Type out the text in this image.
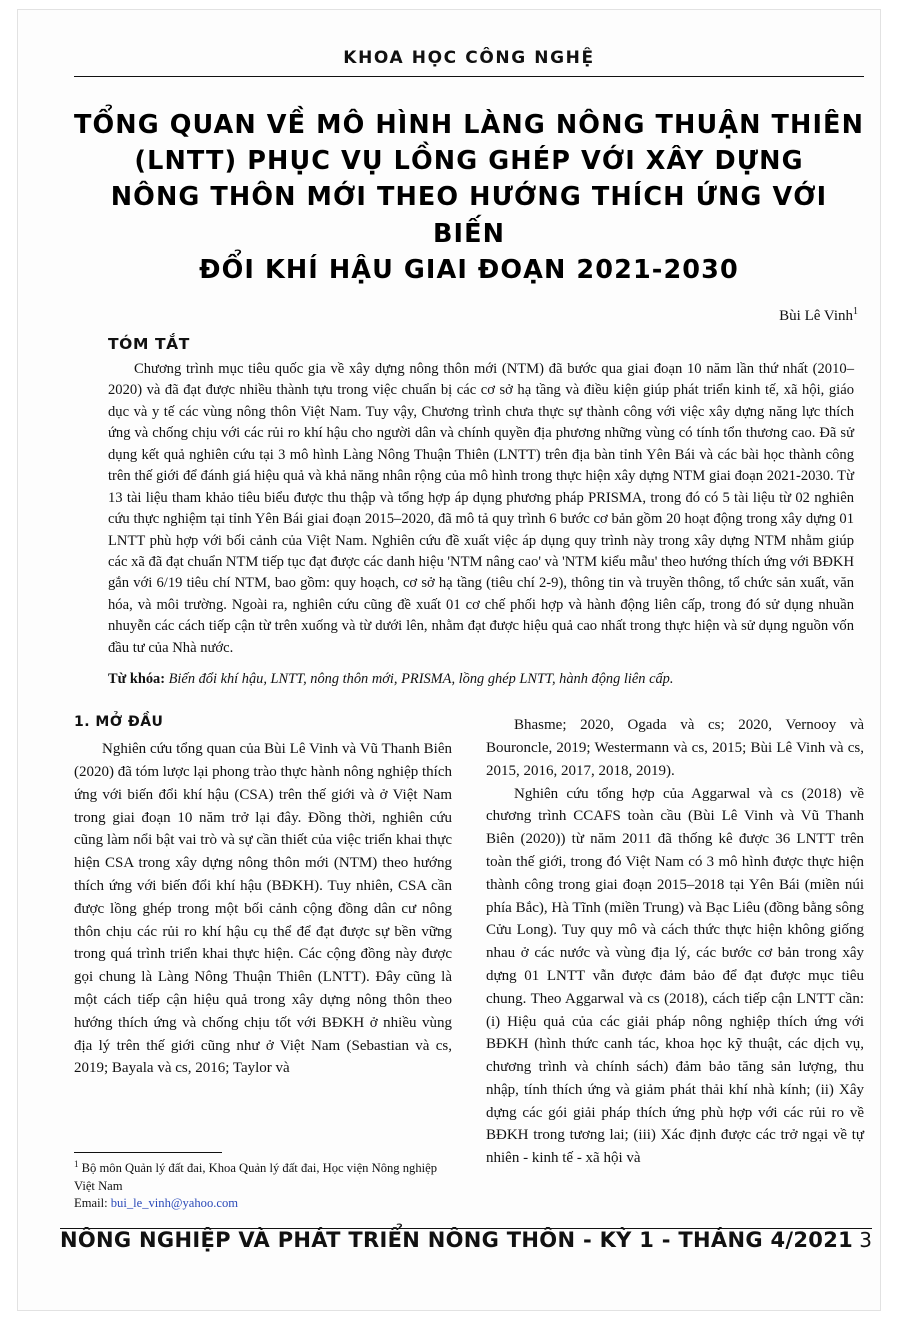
KHOA HỌC CÔNG NGHỆ
TỔNG QUAN VỀ MÔ HÌNH LÀNG NÔNG THUẬN THIÊN
(LNTT) PHỤC VỤ LỒNG GHÉP VỚI XÂY DỰNG
NÔNG THÔN MỚI THEO HƯỚNG THÍCH ỨNG VỚI BIẾN
ĐỔI KHÍ HẬU GIAI ĐOẠN 2021-2030
Bùi Lê Vinh$^1$
TÓM TẮT
Chương trình mục tiêu quốc gia về xây dựng nông thôn mới (NTM) đã bước qua giai đoạn 10 năm lần thứ nhất (2010–2020) và đã đạt được nhiều thành tựu trong việc chuẩn bị các cơ sở hạ tầng và điều kiện giúp phát triển kinh tế, xã hội, giáo dục và y tế các vùng nông thôn Việt Nam. Tuy vậy, Chương trình chưa thực sự thành công với việc xây dựng năng lực thích ứng và chống chịu với các rủi ro khí hậu cho người dân và chính quyền địa phương những vùng có tính tổn thương cao. Đã sử dụng kết quả nghiên cứu tại 3 mô hình Làng Nông Thuận Thiên (LNTT) trên địa bàn tỉnh Yên Bái và các bài học thành công trên thế giới để đánh giá hiệu quả và khả năng nhân rộng của mô hình trong thực hiện xây dựng NTM giai đoạn 2021-2030. Từ 13 tài liệu tham khảo tiêu biểu được thu thập và tổng hợp áp dụng phương pháp PRISMA, trong đó có 5 tài liệu từ 02 nghiên cứu thực nghiệm tại tỉnh Yên Bái giai đoạn 2015–2020, đã mô tả quy trình 6 bước cơ bản gồm 20 hoạt động trong xây dựng 01 LNTT phù hợp với bối cảnh của Việt Nam. Nghiên cứu đề xuất việc áp dụng quy trình này trong xây dựng NTM nhằm giúp các xã đã đạt chuẩn NTM tiếp tục đạt được các danh hiệu 'NTM nâng cao' và 'NTM kiểu mẫu' theo hướng thích ứng với BĐKH gắn với 6/19 tiêu chí NTM, bao gồm: quy hoạch, cơ sở hạ tầng (tiêu chí 2-9), thông tin và truyền thông, tổ chức sản xuất, văn hóa, và môi trường. Ngoài ra, nghiên cứu cũng đề xuất 01 cơ chế phối hợp và hành động liên cấp, trong đó sử dụng nhuần nhuyễn các cách tiếp cận từ trên xuống và từ dưới lên, nhằm đạt được hiệu quả cao nhất trong thực hiện và sử dụng nguồn vốn đầu tư của Nhà nước.
Từ khóa: Biến đổi khí hậu, LNTT, nông thôn mới, PRISMA, lồng ghép LNTT, hành động liên cấp.
1. MỞ ĐẦU

Nghiên cứu tổng quan của Bùi Lê Vinh và Vũ Thanh Biên (2020) đã tóm lược lại phong trào thực hành nông nghiệp thích ứng với biến đổi khí hậu (CSA) trên thế giới và ở Việt Nam trong giai đoạn 10 năm trở lại đây. Đồng thời, nghiên cứu cũng làm nổi bật vai trò và sự cần thiết của việc triển khai thực hiện CSA trong xây dựng nông thôn mới (NTM) theo hướng thích ứng với biến đổi khí hậu (BĐKH). Tuy nhiên, CSA cần được lồng ghép trong một bối cảnh cộng đồng dân cư nông thôn chịu các rủi ro khí hậu cụ thể để đạt được sự bền vững trong quá trình triển khai thực hiện. Các cộng đồng này được gọi chung là Làng Nông Thuận Thiên (LNTT). Đây cũng là một cách tiếp cận hiệu quả trong xây dựng nông thôn theo hướng thích ứng và chống chịu tốt với BĐKH ở nhiều vùng địa lý trên thế giới cũng như ở Việt Nam (Sebastian và cs, 2019; Bayala và cs, 2016; Taylor và

Bhasme; 2020, Ogada và cs; 2020, Vernooy và Bouroncle, 2019; Westermann và cs, 2015; Bùi Lê Vinh và cs, 2015, 2016, 2017, 2018, 2019).

Nghiên cứu tổng hợp của Aggarwal và cs (2018) về chương trình CCAFS toàn cầu (Bùi Lê Vinh và Vũ Thanh Biên (2020)) từ năm 2011 đã thống kê được 36 LNTT trên toàn thế giới, trong đó Việt Nam có 3 mô hình được thực hiện thành công trong giai đoạn 2015–2018 tại Yên Bái (miền núi phía Bắc), Hà Tĩnh (miền Trung) và Bạc Liêu (đồng bằng sông Cửu Long). Tuy quy mô và cách thức thực hiện không giống nhau ở các nước và vùng địa lý, các bước cơ bản trong xây dựng 01 LNTT vẫn được đảm bảo để đạt được mục tiêu chung. Theo Aggarwal và cs (2018), cách tiếp cận LNTT cần: (i) Hiệu quả của các giải pháp nông nghiệp thích ứng với BĐKH (hình thức canh tác, khoa học kỹ thuật, các dịch vụ, chương trình và chính sách) đảm bảo tăng sản lượng, thu nhập, tính thích ứng và giảm phát thải khí nhà kính; (ii) Xây dựng các gói giải pháp thích ứng phù hợp với các rủi ro về BĐKH trong tương lai; (iii) Xác định được các trở ngại về tự nhiên - kinh tế - xã hội và

$^1$ Bộ môn Quản lý đất đai, Khoa Quản lý đất đai, Học viện Nông nghiệp Việt Nam
Email: bui_le_vinh@yahoo.com
NÔNG NGHIỆP VÀ PHÁT TRIỂN NÔNG THÔN - KỲ 1 - THÁNG 4/2021 3
